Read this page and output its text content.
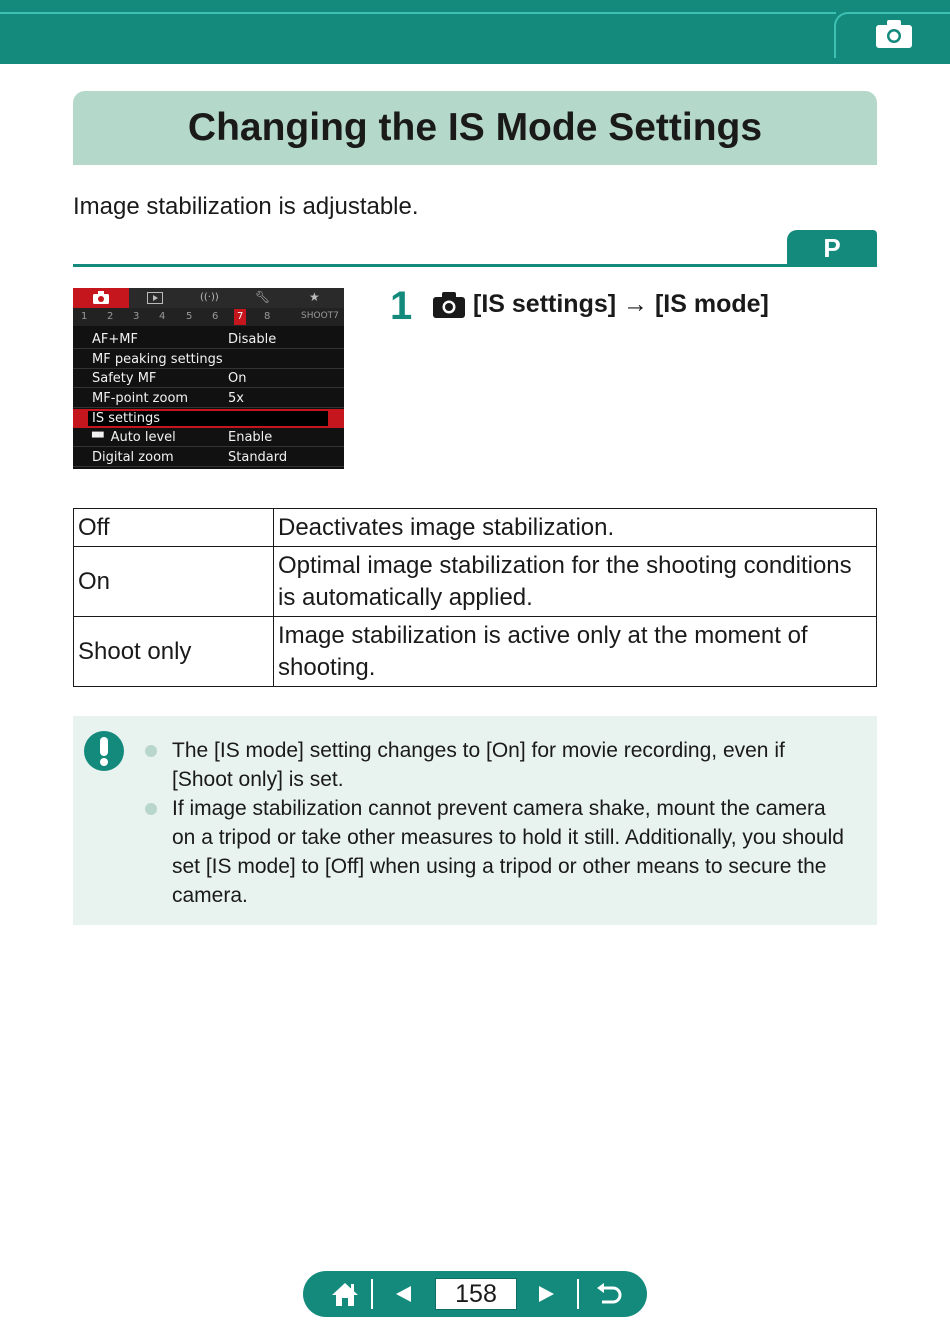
Changing the IS Mode Settings

Image stabilization is adjustable.

P
((·))	🔧︎	★
1 2 3 4 5 6	7	8	SHOOT7
AF+MF	Disable
MF peaking settings
Safety MF	On
MF-point zoom	5x
IS settings
▀▘ Auto level	Enable
Digital zoom	Standard
1 [IS settings] → [IS mode]
Off	Deactivates image stabilization.
On	Optimal image stabilization for the shooting conditions is automatically applied.
Shoot only	Image stabilization is active only at the moment of shooting.
The [IS mode] setting changes to [On] for movie recording, even if [Shoot only] is set.
If image stabilization cannot prevent camera shake, mount the camera on a tripod or take other measures to hold it still. Additionally, you should set [IS mode] to [Off] when using a tripod or other means to secure the camera.
158
